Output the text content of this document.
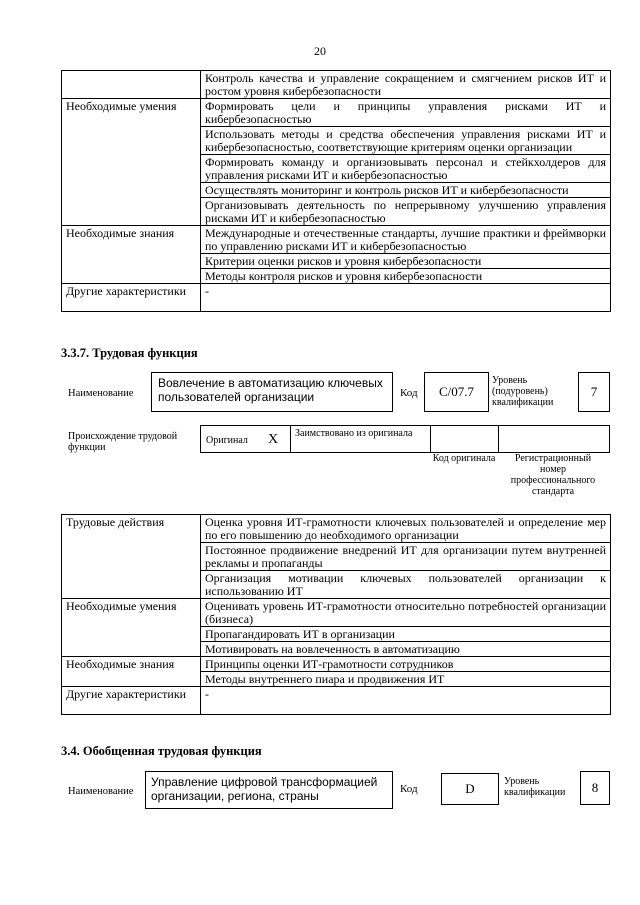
20
	Контроль качества и управление сокращением и смягчением рисков ИТ и ростом уровня кибербезопасности
Необходимые умения	Формировать цели и принципы управления рисками ИТ и кибербезопасностью
	Использовать методы и средства обеспечения управления рисками ИТ и кибербезопасностью, соответствующие критериям оценки организации
	Формировать команду и организовывать персонал и стейкхолдеров для управления рисками ИТ и кибербезопасностью
	Осуществлять мониторинг и контроль рисков ИТ и кибербезопасности
	Организовывать деятельность по непрерывному улучшению управления рисками ИТ и кибербезопасностью
Необходимые знания	Международные и отечественные стандарты, лучшие практики и фреймворки по управлению рисками ИТ и кибербезопасностью
	Критерии оценки рисков и уровня кибербезопасности
	Методы контроля рисков и уровня кибербезопасности
Другие характеристики	-
3.3.7. Трудовая функция
Наименование
Вовлечение в автоматизацию ключевых пользователей организации	Код	С/07.7
Уровень (подуровень) квалификации
7
Происхождение трудовой функции
Оригинал Х Заимствовано из оригинала
Код оригинала	Регистрационный номер профессионального стандарта
Трудовые действия	Оценка уровня ИТ-грамотности ключевых пользователей и определение мер по его повышению до необходимого организации
	Постоянное продвижение внедрений ИТ для организации путем внутренней рекламы и пропаганды
	Организация мотивации ключевых пользователей организации к использованию ИТ
Необходимые умения	Оценивать уровень ИТ-грамотности относительно потребностей организации (бизнеса)
	Пропагандировать ИТ в организации
	Мотивировать на вовлеченность в автоматизацию
Необходимые знания	Принципы оценки ИТ-грамотности сотрудников
	Методы внутреннего пиара и продвижения ИТ
Другие характеристики	-
3.4. Обобщенная трудовая функция
Наименование
Управление цифровой трансформацией организации, региона, страны	Код	D	Уровень квалификации	8
